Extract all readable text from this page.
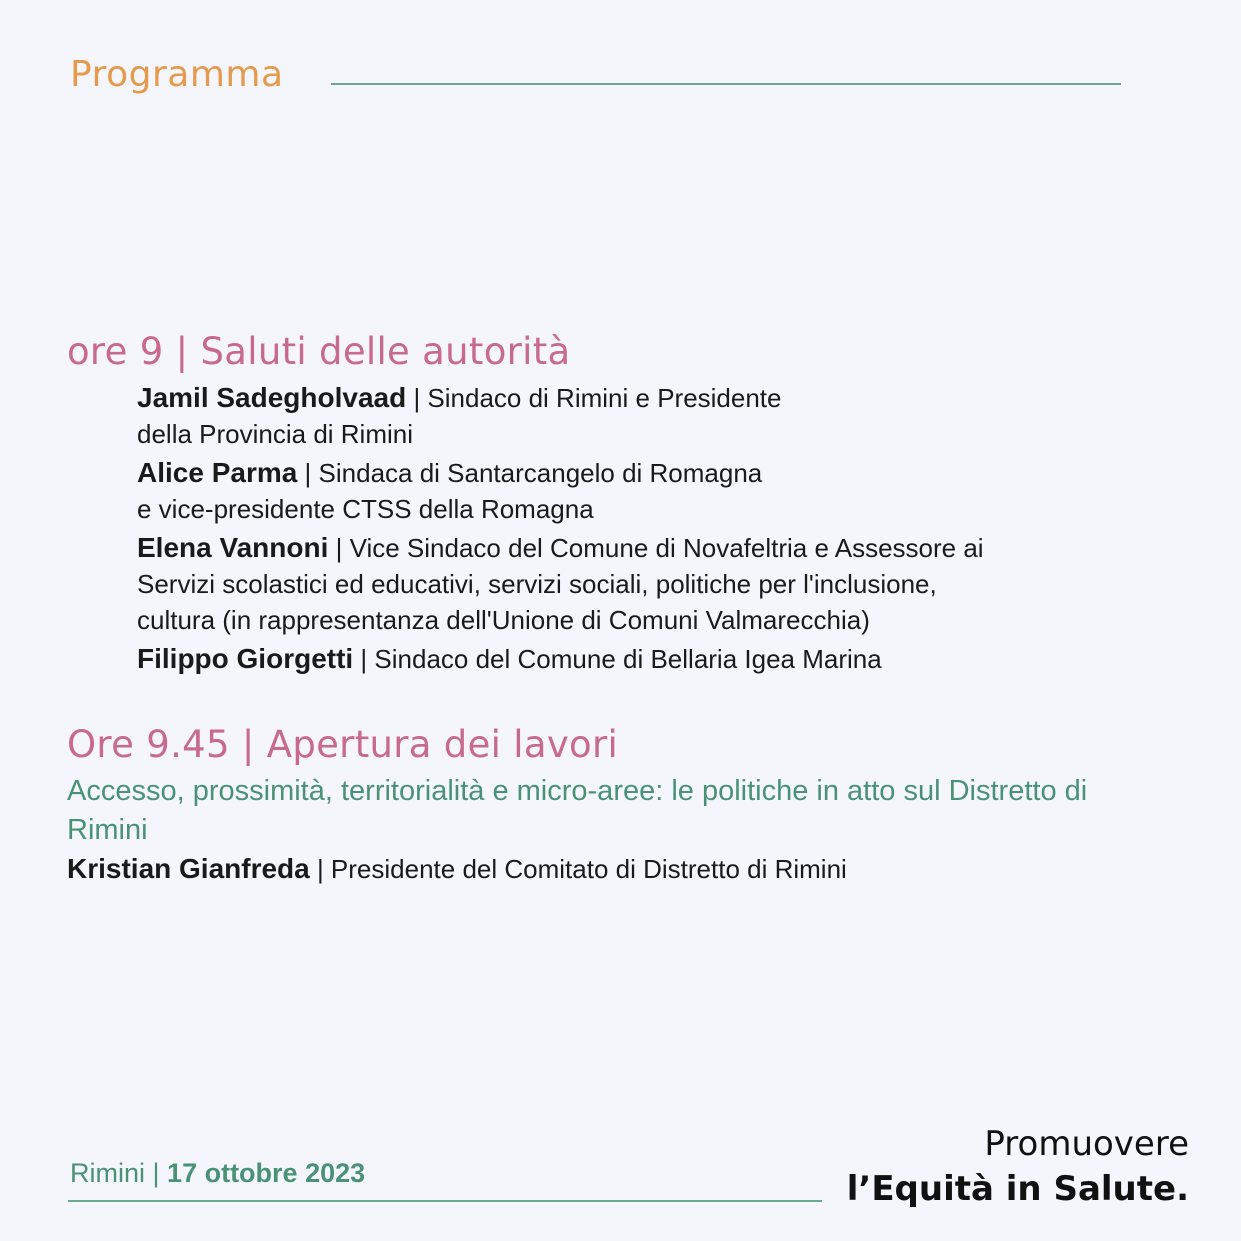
Programma
ore 9 | Saluti delle autorità
Jamil Sadegholvaad | Sindaco di Rimini e Presidente
della Provincia di Rimini
Alice Parma | Sindaca di Santarcangelo di Romagna
e vice-presidente CTSS della Romagna
Elena Vannoni | Vice Sindaco del Comune di Novafeltria e Assessore ai
Servizi scolastici ed educativi, servizi sociali, politiche per l'inclusione,
cultura (in rappresentanza dell'Unione di Comuni Valmarecchia)
Filippo Giorgetti | Sindaco del Comune di Bellaria Igea Marina
Ore 9.45 | Apertura dei lavori
Accesso, prossimità, territorialità e micro-aree: le politiche in atto sul Distretto di Rimini
Kristian Gianfreda | Presidente del Comitato di Distretto di Rimini
Rimini | 17 ottobre 2023
Promuovere
l’Equità in Salute.
